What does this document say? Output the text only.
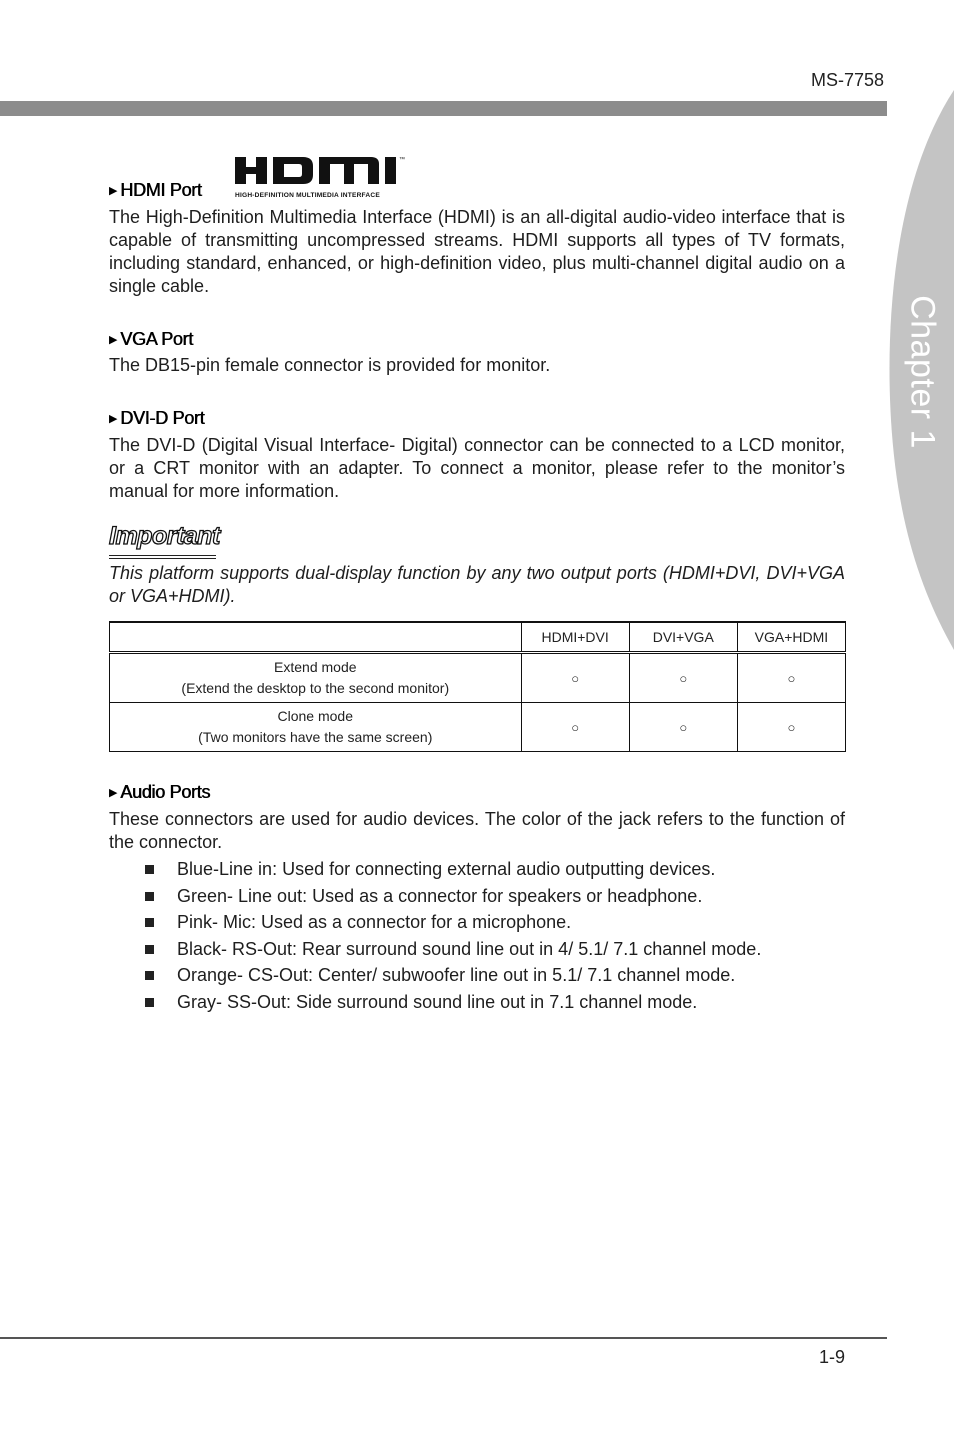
MS-7758
Chapter 1
▶ HDMI Port
™
HIGH-DEFINITION MULTIMEDIA INTERFACE

The High-Definition Multimedia Interface (HDMI) is an all-digital audio-video interface that is capable of transmitting uncompressed streams. HDMI supports all types of TV formats, including standard, enhanced, or high-definition video, plus multi-channel digital audio on a single cable.

▶ VGA Port

The DB15-pin female connector is provided for monitor.

▶ DVI-D Port

The DVI-D (Digital Visual Interface- Digital) connector can be connected to a LCD monitor, or a CRT monitor with an adapter. To connect a monitor, please refer to the monitor’s manual for more information.

Important

This platform supports dual-display function by any two output ports (HDMI+DVI, DVI+VGA or VGA+HDMI).

	HDMI+DVI	DVI+VGA	VGA+HDMI

Extend mode
(Extend the desktop to the second monitor)	○	○	○

Clone mode
(Two monitors have the same screen)	○	○	○
▶ Audio Ports

These connectors are used for audio devices. The color of the jack refers to the function of the connector.

Blue-Line in: Used for connecting external audio outputting devices.
Green- Line out: Used as a connector for speakers or headphone.
Pink- Mic: Used as a connector for a microphone.
Black- RS-Out: Rear surround sound line out in 4/ 5.1/ 7.1 channel mode.
Orange- CS-Out: Center/ subwoofer line out in 5.1/ 7.1 channel mode.
Gray- SS-Out: Side surround sound line out in 7.1 channel mode.
1-9
